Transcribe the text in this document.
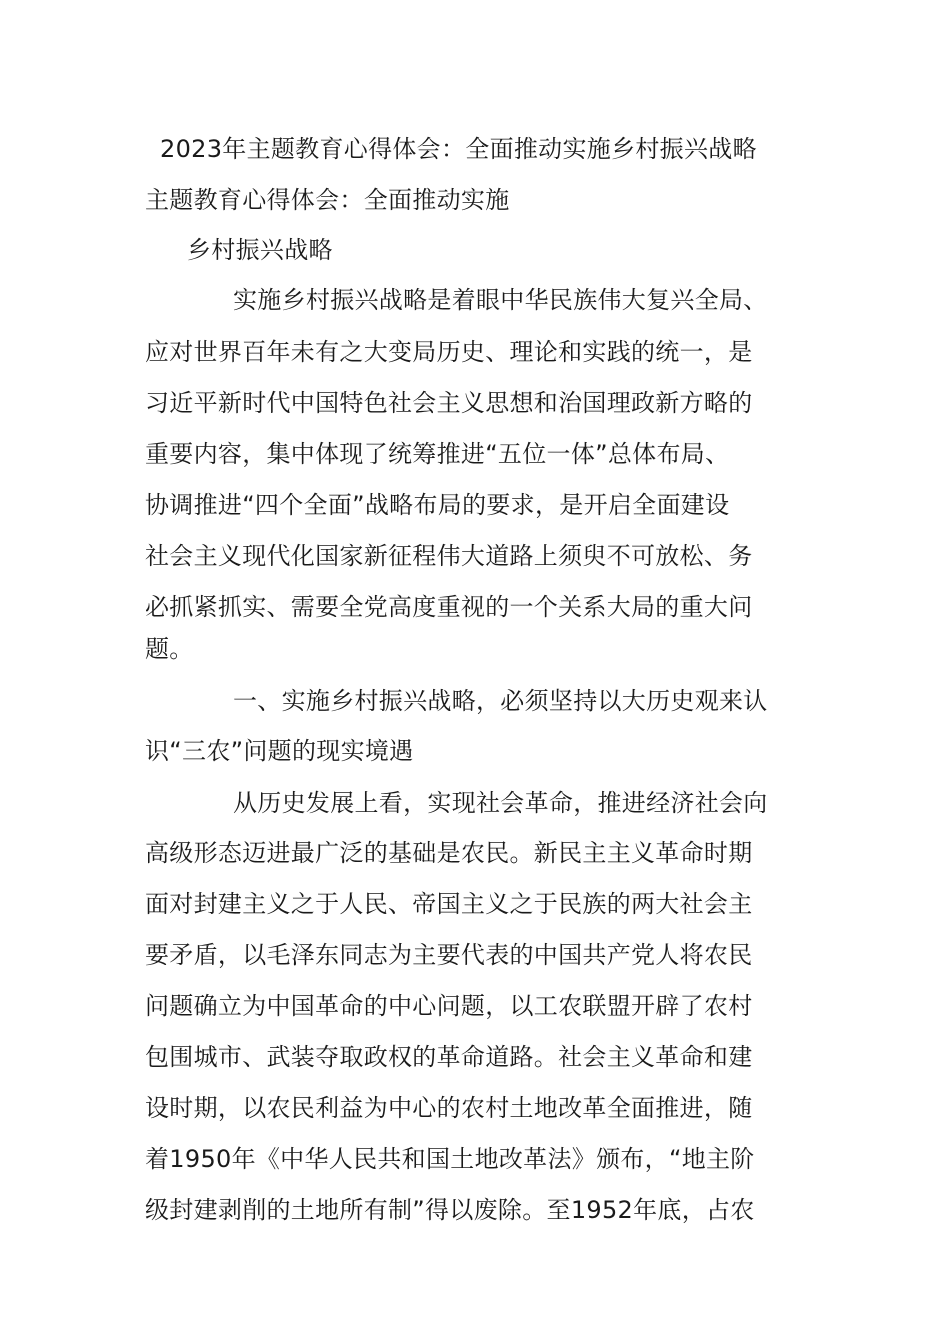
2023年主题教育心得体会：全面推动实施乡村振兴战略
主题教育心得体会：全面推动实施
乡村振兴战略
实施乡村振兴战略是着眼中华民族伟大复兴全局、
应对世界百年未有之大变局历史、理论和实践的统一，是
习近平新时代中国特色社会主义思想和治国理政新方略的
重要内容，集中体现了统筹推进“五位一体”总体布局、
协调推进“四个全面”战略布局的要求，是开启全面建设
社会主义现代化国家新征程伟大道路上须臾不可放松、务
必抓紧抓实、需要全党高度重视的一个关系大局的重大问
题。
一、实施乡村振兴战略，必须坚持以大历史观来认
识“三农”问题的现实境遇
从历史发展上看，实现社会革命，推进经济社会向
高级形态迈进最广泛的基础是农民。新民主主义革命时期
面对封建主义之于人民、帝国主义之于民族的两大社会主
要矛盾，以毛泽东同志为主要代表的中国共产党人将农民
问题确立为中国革命的中心问题，以工农联盟开辟了农村
包围城市、武装夺取政权的革命道路。社会主义革命和建
设时期，以农民利益为中心的农村土地改革全面推进，随
着1950年《中华人民共和国土地改革法》颁布，“地主阶
级封建剥削的土地所有制”得以废除。至1952年底，占农
